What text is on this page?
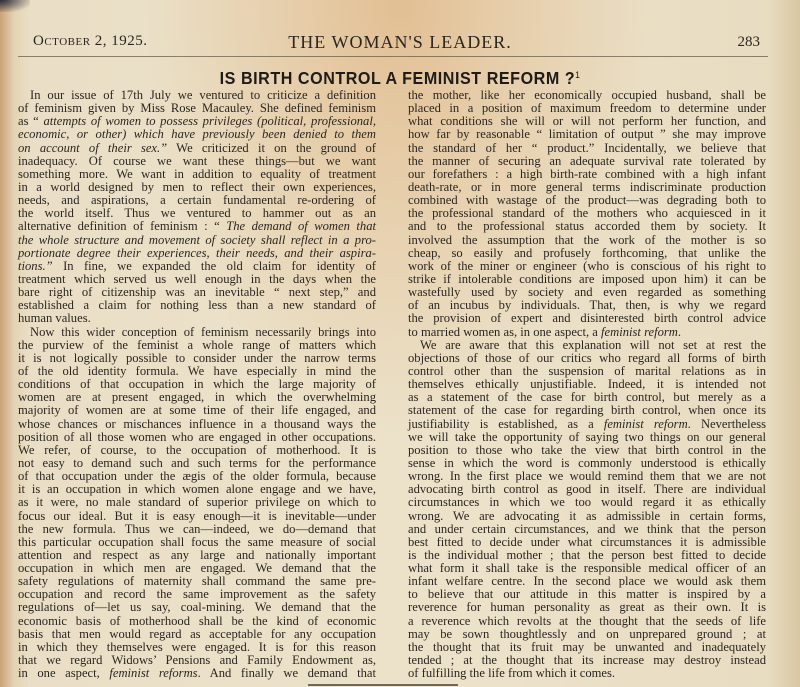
October 2, 1925.	THE WOMAN'S LEADER.	283
IS BIRTH CONTROL A FEMINIST REFORM ?$^1$
In our issue of 17th July we ventured to criticize a definition
of feminism given by Miss Rose Macauley. She defined feminism
as “ attempts of women to possess privileges (political, professional,
economic, or other) which have previously been denied to them
on account of their sex.” We criticized it on the ground of
inadequacy. Of course we want these things—but we want
something more. We want in addition to equality of treatment
in a world designed by men to reflect their own experiences,
needs, and aspirations, a certain fundamental re-ordering of
the world itself. Thus we ventured to hammer out as an
alternative definition of feminism : “ The demand of women that
the whole structure and movement of society shall reflect in a pro-
portionate degree their experiences, their needs, and their aspira-
tions.” In fine, we expanded the old claim for identity of
treatment which served us well enough in the days when the
bare right of citizenship was an inevitable “ next step,” and
established a claim for nothing less than a new standard of
human values.
Now this wider conception of feminism necessarily brings into
the purview of the feminist a whole range of matters which
it is not logically possible to consider under the narrow terms
of the old identity formula. We have especially in mind the
conditions of that occupation in which the large majority of
women are at present engaged, in which the overwhelming
majority of women are at some time of their life engaged, and
whose chances or mischances influence in a thousand ways the
position of all those women who are engaged in other occupations.
We refer, of course, to the occupation of motherhood. It is
not easy to demand such and such terms for the performance
of that occupation under the ægis of the older formula, because
it is an occupation in which women alone engage and we have,
as it were, no male standard of superior privilege on which to
focus our ideal. But it is easy enough—it is inevitable—under
the new formula. Thus we can—indeed, we do—demand that
this particular occupation shall focus the same measure of social
attention and respect as any large and nationally important
occupation in which men are engaged. We demand that the
safety regulations of maternity shall command the same pre-
occupation and record the same improvement as the safety
regulations of—let us say, coal-mining. We demand that the
economic basis of motherhood shall be the kind of economic
basis that men would regard as acceptable for any occupation
in which they themselves were engaged. It is for this reason
that we regard Widows’ Pensions and Family Endowment as,
in one aspect, feminist reforms. And finally we demand that
the mother, like her economically occupied husband, shall be
placed in a position of maximum freedom to determine under
what conditions she will or will not perform her function, and
how far by reasonable “ limitation of output ” she may improve
the standard of her “ product.” Incidentally, we believe that
the manner of securing an adequate survival rate tolerated by
our forefathers : a high birth-rate combined with a high infant
death-rate, or in more general terms indiscriminate production
combined with wastage of the product—was degrading both to
the professional standard of the mothers who acquiesced in it
and to the professional status accorded them by society. It
involved the assumption that the work of the mother is so
cheap, so easily and profusely forthcoming, that unlike the
work of the miner or engineer (who is conscious of his right to
strike if intolerable conditions are imposed upon him) it can be
wastefully used by society and even regarded as something
of an incubus by individuals. That, then, is why we regard
the provision of expert and disinterested birth control advice
to married women as, in one aspect, a feminist reform.
We are aware that this explanation will not set at rest the
objections of those of our critics who regard all forms of birth
control other than the suspension of marital relations as in
themselves ethically unjustifiable. Indeed, it is intended not
as a statement of the case for birth control, but merely as a
statement of the case for regarding birth control, when once its
justifiability is established, as a feminist reform. Nevertheless
we will take the opportunity of saying two things on our general
position to those who take the view that birth control in the
sense in which the word is commonly understood is ethically
wrong. In the first place we would remind them that we are not
advocating birth control as good in itself. There are individual
circumstances in which we too would regard it as ethically
wrong. We are advocating it as admissible in certain forms,
and under certain circumstances, and we think that the person
best fitted to decide under what circumstances it is admissible
is the individual mother ; that the person best fitted to decide
what form it shall take is the responsible medical officer of an
infant welfare centre. In the second place we would ask them
to believe that our attitude in this matter is inspired by a
reverence for human personality as great as their own. It is
a reverence which revolts at the thought that the seeds of life
may be sown thoughtlessly and on unprepared ground ; at
the thought that its fruit may be unwanted and inadequately
tended ; at the thought that its increase may destroy instead
of fulfilling the life from which it comes.
